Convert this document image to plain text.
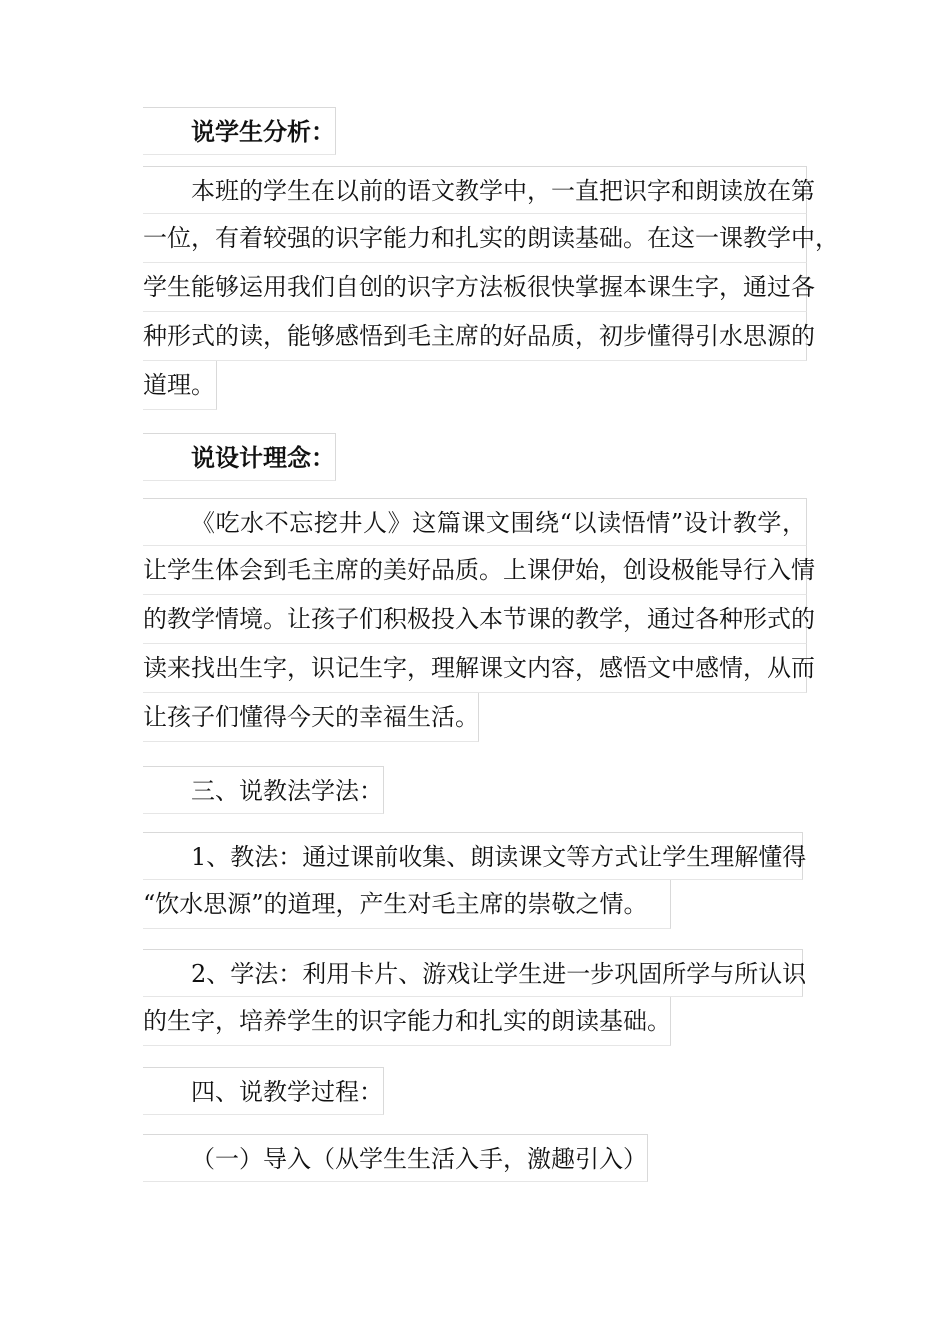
说学生分析：
本班的学生在以前的语文教学中，一直把识字和朗读放在第
一位，有着较强的识字能力和扎实的朗读基础。在这一课教学中，
学生能够运用我们自创的识字方法板很快掌握本课生字，通过各
种形式的读，能够感悟到毛主席的好品质，初步懂得引水思源的
道理。
说设计理念：
《吃水不忘挖井人》这篇课文围绕“以读悟情”设计教学，
让学生体会到毛主席的美好品质。上课伊始，创设极能导行入情
的教学情境。让孩子们积极投入本节课的教学，通过各种形式的
读来找出生字，识记生字，理解课文内容，感悟文中感情，从而
让孩子们懂得今天的幸福生活。
三、说教法学法：
1、教法：通过课前收集、朗读课文等方式让学生理解懂得
“饮水思源”的道理，产生对毛主席的崇敬之情。
2、学法：利用卡片、游戏让学生进一步巩固所学与所认识
的生字，培养学生的识字能力和扎实的朗读基础。
四、说教学过程：
（一）导入（从学生生活入手，激趣引入）
